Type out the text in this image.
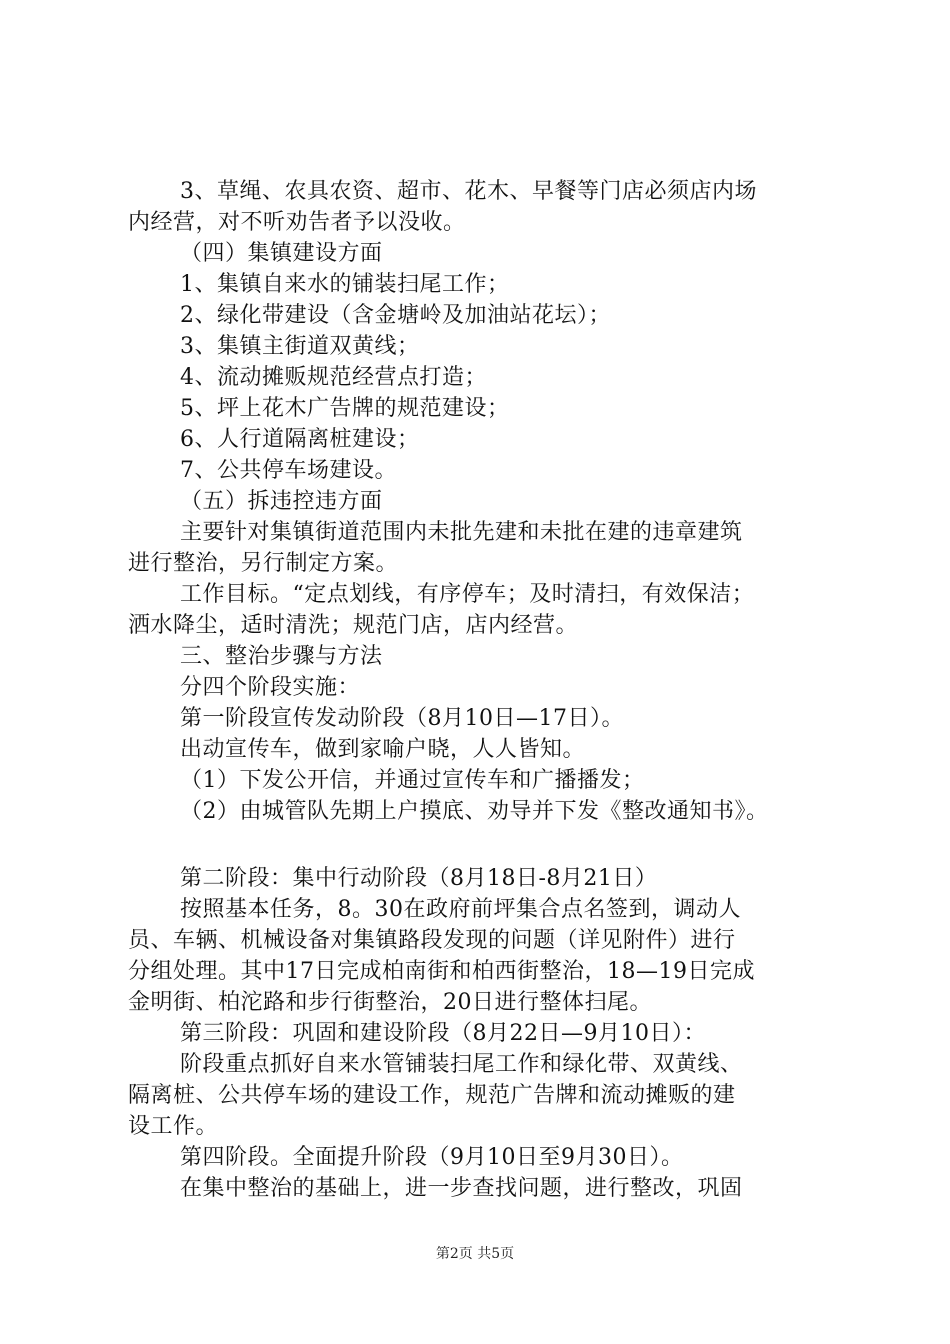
3、草绳、农具农资、超市、花木、早餐等门店必须店内场
内经营，对不听劝告者予以没收。
（四）集镇建设方面
1、集镇自来水的铺装扫尾工作；
2、绿化带建设（含金塘岭及加油站花坛）；
3、集镇主街道双黄线；
4、流动摊贩规范经营点打造；
5、坪上花木广告牌的规范建设；
6、人行道隔离桩建设；
7、公共停车场建设。
（五）拆违控违方面
主要针对集镇街道范围内未批先建和未批在建的违章建筑
进行整治，另行制定方案。
工作目标。“定点划线，有序停车；及时清扫，有效保洁；
洒水降尘，适时清洗；规范门店，店内经营。
三、整治步骤与方法
分四个阶段实施：
第一阶段宣传发动阶段（8月10日—17日）。
出动宣传车，做到家喻户晓，人人皆知。
（1）下发公开信，并通过宣传车和广播播发；
（2）由城管队先期上户摸底、劝导并下发《整改通知书》。
第二阶段：集中行动阶段（8月18日-8月21日）
按照基本任务，8。30在政府前坪集合点名签到，调动人
员、车辆、机械设备对集镇路段发现的问题（详见附件）进行
分组处理。其中17日完成柏南街和柏西街整治，18—19日完成
金明街、柏沱路和步行街整治，20日进行整体扫尾。
第三阶段：巩固和建设阶段（8月22日—9月10日）：
阶段重点抓好自来水管铺装扫尾工作和绿化带、双黄线、
隔离桩、公共停车场的建设工作，规范广告牌和流动摊贩的建
设工作。
第四阶段。全面提升阶段（9月10日至9月30日）。
在集中整治的基础上，进一步查找问题，进行整改，巩固
第2页 共5页
